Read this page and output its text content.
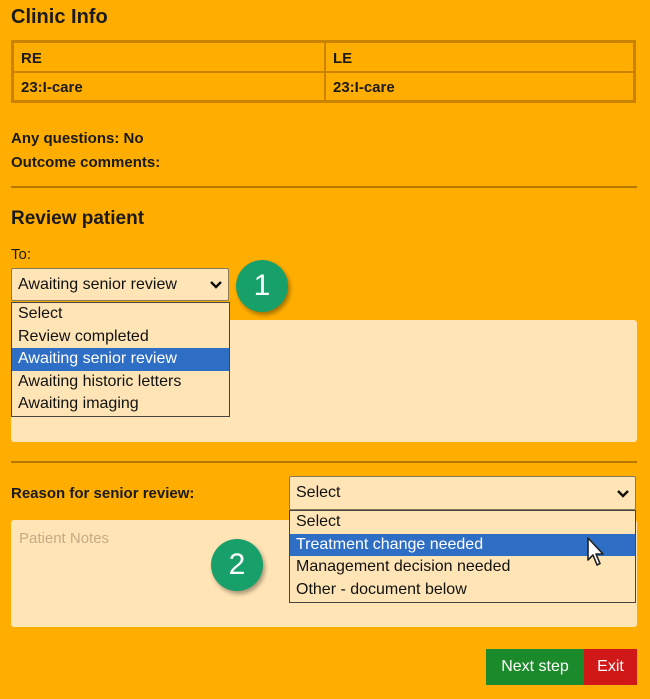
Clinic Info
RE	LE
23:I-care	23:I-care
Any questions: No
Outcome comments:
Review patient
To:
Awaiting senior review
Select
Review completed
Awaiting senior review
Awaiting historic letters
Awaiting imaging
1
Reason for senior review:	Select
Patient Notes
Select
Treatment change needed
Management decision needed
Other - document below
2
Next step	Exit
